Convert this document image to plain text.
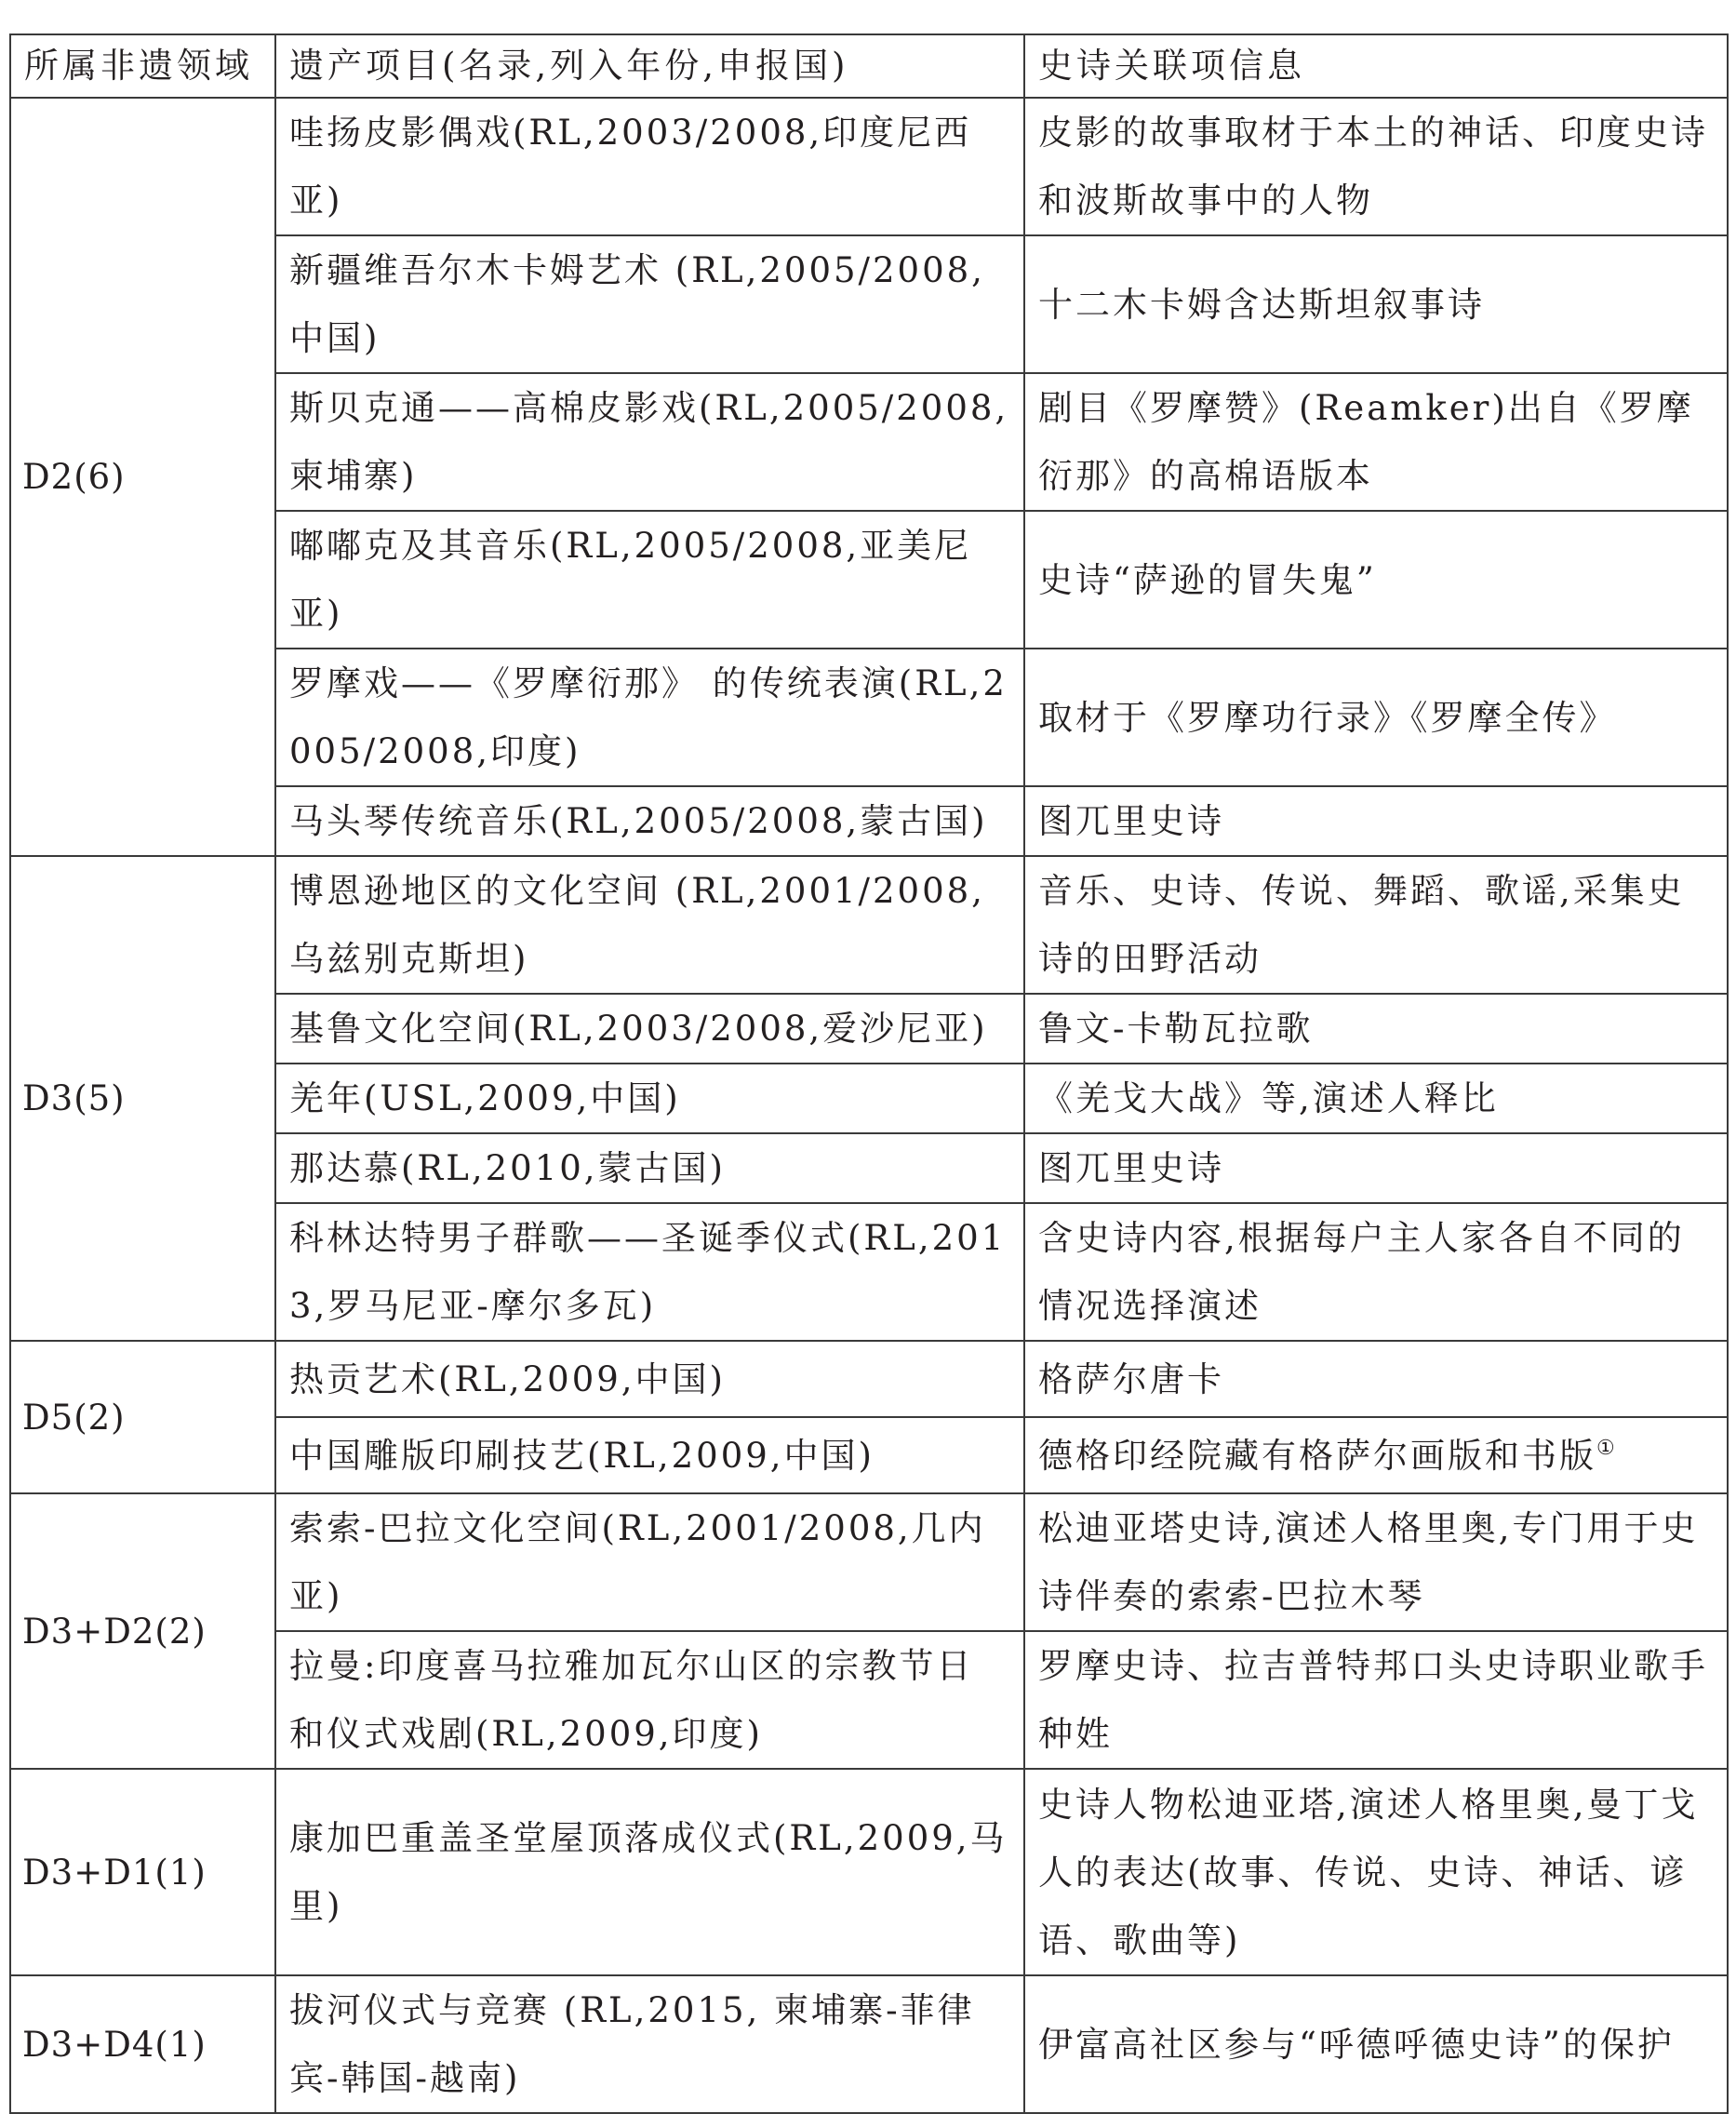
所属非遗领域	遗产项目(名录,列入年份,申报国)	史诗关联项信息
D2(6)	哇扬皮影偶戏(RL,2003/2008,印度尼西亚)	皮影的故事取材于本土的神话、印度史诗和波斯故事中的人物
	新疆维吾尔木卡姆艺术 (RL,2005/2008,中国)	十二木卡姆含达斯坦叙事诗
	斯贝克通——高棉皮影戏(RL,2005/2008,柬埔寨)	剧目《罗摩赞》(Reamker)出自《罗摩衍那》的高棉语版本
	嘟嘟克及其音乐(RL,2005/2008,亚美尼亚)	史诗“萨逊的冒失鬼”
	罗摩戏——《罗摩衍那》 的传统表演(RL,2005/2008,印度)	取材于《罗摩功行录》《罗摩全传》
	马头琴传统音乐(RL,2005/2008,蒙古国)	图兀里史诗
D3(5)	博恩逊地区的文化空间 (RL,2001/2008,乌兹别克斯坦)	音乐、史诗、传说、舞蹈、歌谣,采集史诗的田野活动
	基鲁文化空间(RL,2003/2008,爱沙尼亚)	鲁文-卡勒瓦拉歌
	羌年(USL,2009,中国)	《羌戈大战》等,演述人释比
	那达慕(RL,2010,蒙古国)	图兀里史诗
	科林达特男子群歌——圣诞季仪式(RL,2013,罗马尼亚-摩尔多瓦)	含史诗内容,根据每户主人家各自不同的情况选择演述
D5(2)	热贡艺术(RL,2009,中国)	格萨尔唐卡
	中国雕版印刷技艺(RL,2009,中国)	德格印经院藏有格萨尔画版和书版①
D3+D2(2)	索索-巴拉文化空间(RL,2001/2008,几内亚)	松迪亚塔史诗,演述人格里奥,专门用于史诗伴奏的索索-巴拉木琴
	拉曼:印度喜马拉雅加瓦尔山区的宗教节日和仪式戏剧(RL,2009,印度)	罗摩史诗、拉吉普特邦口头史诗职业歌手种姓
D3+D1(1)	康加巴重盖圣堂屋顶落成仪式(RL,2009,马里)	史诗人物松迪亚塔,演述人格里奥,曼丁戈人的表达(故事、传说、史诗、神话、谚语、歌曲等)
D3+D4(1)	拔河仪式与竞赛 (RL,2015, 柬埔寨-菲律宾-韩国-越南)	伊富高社区参与“呼德呼德史诗”的保护
